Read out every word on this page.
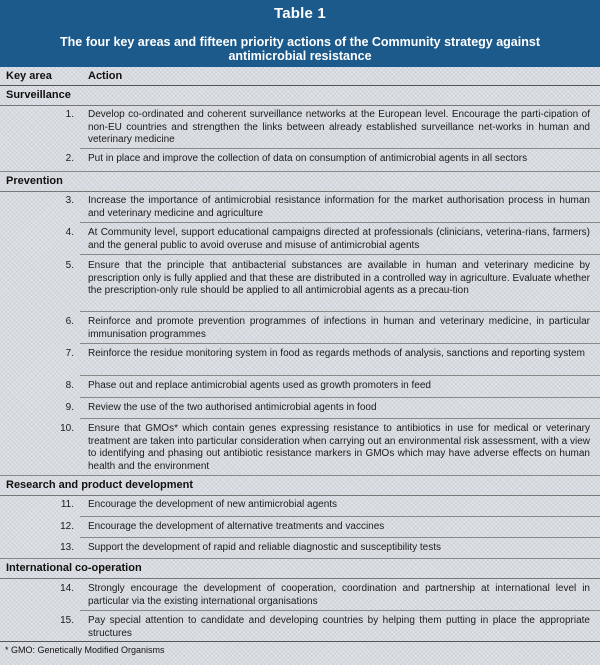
Table 1
The four key areas and fifteen priority actions of the Community strategy against antimicrobial resistance
Key area	Action
Surveillance
1. Develop co-ordinated and coherent surveillance networks at the European level. Encourage the parti-cipation of non-EU countries and strengthen the links between already established surveillance net-works in human and veterinary medicine
2. Put in place and improve the collection of data on consumption of antimicrobial agents in all sectors
Prevention
3. Increase the importance of antimicrobial resistance information for the market authorisation process in human and veterinary medicine and agriculture
4. At Community level, support educational campaigns directed at professionals (clinicians, veterina-rians, farmers) and the general public to avoid overuse and misuse of antimicrobial agents
5. Ensure that the principle that antibacterial substances are available in human and veterinary medicine by prescription only is fully applied and that these are distributed in a controlled way in agriculture. Evaluate whether the prescription-only rule should be applied to all antimicrobial agents as a precau-tion
6. Reinforce and promote prevention programmes of infections in human and veterinary medicine, in particular immunisation programmes
7. Reinforce the residue monitoring system in food as regards methods of analysis, sanctions and reporting system
8. Phase out and replace antimicrobial agents used as growth promoters in feed
9. Review the use of the two authorised antimicrobial agents in food
10. Ensure that GMOs* which contain genes expressing resistance to antibiotics in use for medical or veterinary treatment are taken into particular consideration when carrying out an environmental risk assessment, with a view to identifying and phasing out antibiotic resistance markers in GMOs which may have adverse effects on human health and the environment
Research and product development
11. Encourage the development of new antimicrobial agents
12. Encourage the development of alternative treatments and vaccines
13. Support the development of rapid and reliable diagnostic and susceptibility tests
International co-operation
14. Strongly encourage the development of cooperation, coordination and partnership at international level in particular via the existing international organisations
15. Pay special attention to candidate and developing countries by helping them putting in place the appropriate structures
* GMO: Genetically Modified Organisms
